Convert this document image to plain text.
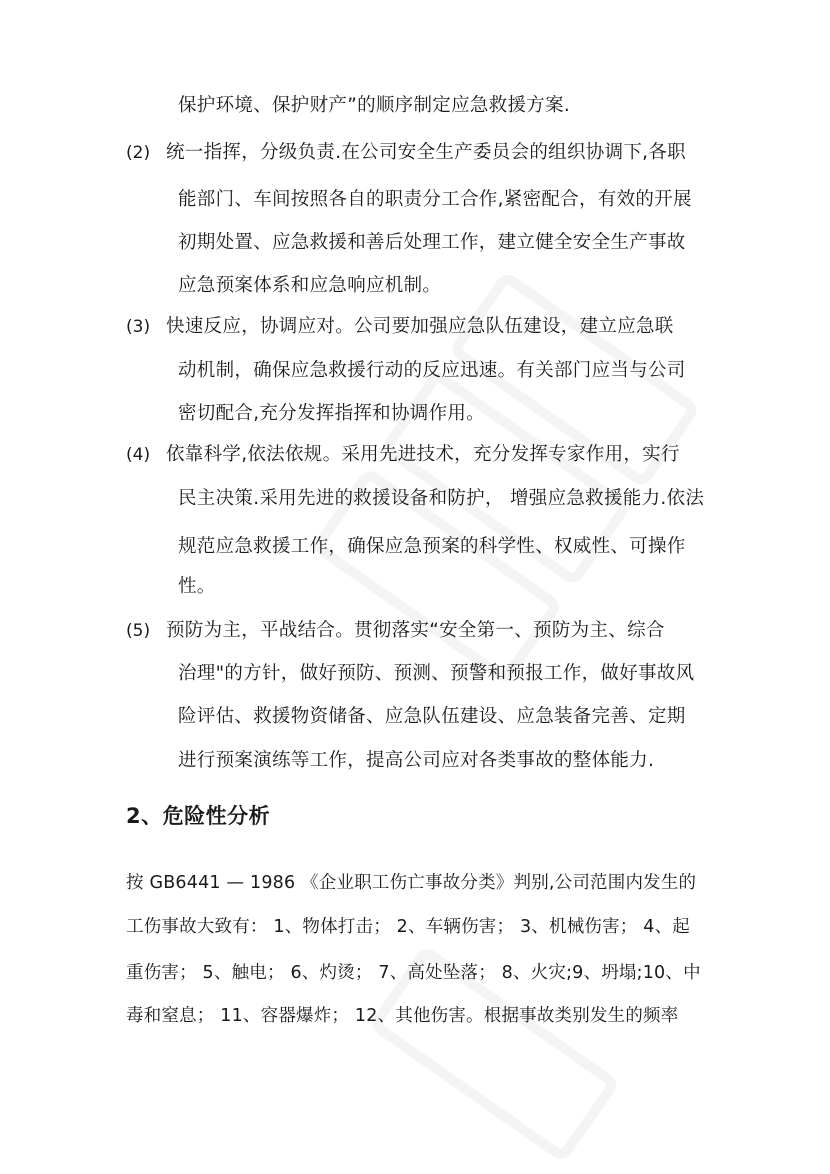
保护环境、保护财产”的顺序制定应急救援方案.
(2) 统一指挥，分级负责.在公司安全生产委员会的组织协调下,各职
能部门、车间按照各自的职责分工合作,紧密配合，有效的开展
初期处置、应急救援和善后处理工作，建立健全安全生产事故
应急预案体系和应急响应机制。
(3) 快速反应，协调应对。公司要加强应急队伍建设，建立应急联
动机制，确保应急救援行动的反应迅速。有关部门应当与公司
密切配合,充分发挥指挥和协调作用。
(4) 依靠科学,依法依规。采用先进技术，充分发挥专家作用，实行
民主决策.采用先进的救援设备和防护， 增强应急救援能力.依法
规范应急救援工作，确保应急预案的科学性、权威性、可操作
性。
(5) 预防为主，平战结合。贯彻落实“安全第一、预防为主、综合
治理"的方针，做好预防、预测、预警和预报工作，做好事故风
险评估、救援物资储备、应急队伍建设、应急装备完善、定期
进行预案演练等工作，提高公司应对各类事故的整体能力.
2、危险性分析
按 GB6441 — 1986 《企业职工伤亡事故分类》判别,公司范围内发生的
工伤事故大致有： 1、物体打击； 2、车辆伤害； 3、机械伤害； 4、起
重伤害； 5、触电； 6、灼烫； 7、高处坠落； 8、火灾;9、坍塌;10、中
毒和窒息； 11、容器爆炸； 12、其他伤害。根据事故类别发生的频率
